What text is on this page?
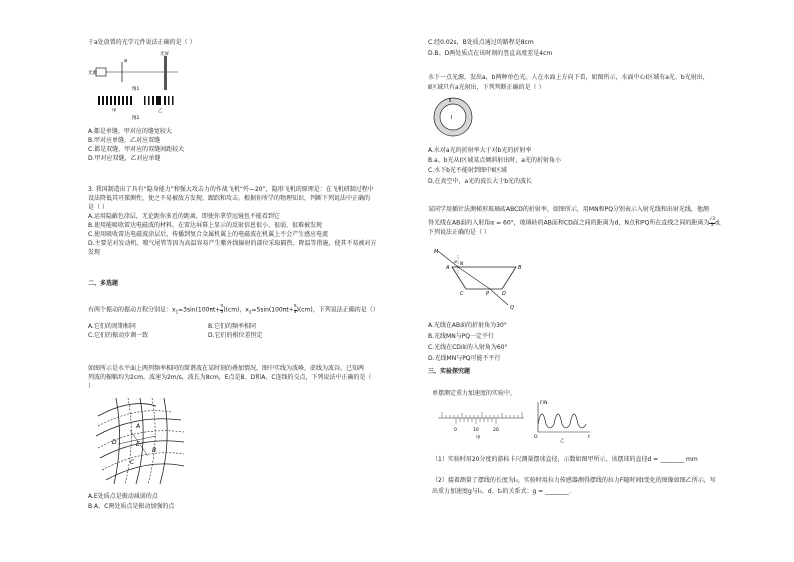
于a处放置的光学元件说法正确的是（ ）
光源
a
光屏
图1
甲	乙
图2
A.都是单缝，甲对应的缝宽较大
B.甲对应单缝，乙对应双缝
C.都是双缝，甲对应的双缝间距较大
D.甲对应双缝，乙对应单缝
3. 我国制造出了具有“隐身能力”和强大攻击力的作战飞机“歼—20”，隐形飞机的原理是：在飞机研制过程中
设法降低其可探测性，使之不易被敌方发现、跟踪和攻击。根据你所学的物理知识，判断下列说法中正确的
是（ ）
A.运用隐蔽色涂层，无论距你多近的距离，即使你拿望远镜也不能看到它
B.使用能吸收雷达电磁波的材料，在雷达屏幕上显示的反射信息很小、很弱，很难被发现
C.使用吸收雷达电磁波涂层后，传播到复合金属机翼上的电磁波在机翼上不会产生感应电流
D.主要是对发动机、喷气尾管等因为高温容易产生紫外线辐射的部位采取隔热、降温等措施，使其不易被对方
发现
二、多选题
有两个振动的振动方程分别是：$x_1=3\sin(100\pi t+ \frac{\pi}{3} )(cm)$，$x_2=5\sin(100\pi t+ \frac{\pi}{4} )(cm)$，下列说法正确的是（）
A.它们的周期相同	B.它们的频率相同
C.它们的振动步调一致	D.它们的相位差恒定
如图所示是水平面上两列频率相同的简谐波在某时刻的叠加情况，图中实线为波峰，虚线为波谷。已知两
列波的振幅均为2cm，波速为2m/s，波长为8cm，E点是B、D和A、C连线的交点，下列说法中正确的是（
）
A
B
C
D	E
A.E处质点是振动减弱的点
B.A、C两处质点是振动加强的点
C.经0.02s，B处质点通过的路程是8cm
D.B、D两处质点在该时刻的竖直高度差是4cm
水下一点光源，发出a、b两种单色光。人在水面上方向下看，如图所示，水面中心Ⅰ区域有a光、b光射出，
Ⅱ区域只有a光射出，下列判断正确的是（ ）
Ⅰ
Ⅱ
A.水对a光的折射率大于对b光的折射率
B.a、b光从Ⅰ区域某点倾斜射出时，a光的折射角小
C.水下b光不能射到图中Ⅱ区域
D.在真空中，a光的波长大于b光的波长
某同学用插针法测梯形玻璃砖ABCD的折射率，如图所示，用MN和PQ分别表示入射光线和出射光线，他测
得光线在AB面的入射角α = 60°，玻璃砖的AB面和CD面之间的距离为d，N点和PQ所在直线之间的距离为 $\frac{√3}{3}$ d，
下列说法正确的是（ ）
M
α N
A	B
C	D
P
Q
A.光线在AB面的折射角为30°
B.光线MN与PQ一定平行
C.光线在CD面的入射角为60°
D.光线MN与PQ可能不平行
三、实验探究题
单摆测定重力加速度的实验中，
0	10	20
甲
F/N
t
O
乙
（1）实验时用20分度的游标卡尺测量摆球直径，示数如图甲所示，该摆球的直径d = ________ mm
（2）接着测量了摆线的长度为l₀，实验时用拉力传感器测得摆线的拉力F随时间t变化的图像如图乙所示，写
出重力加速度g与l₀、d、t₀的关系式：g = ________.
